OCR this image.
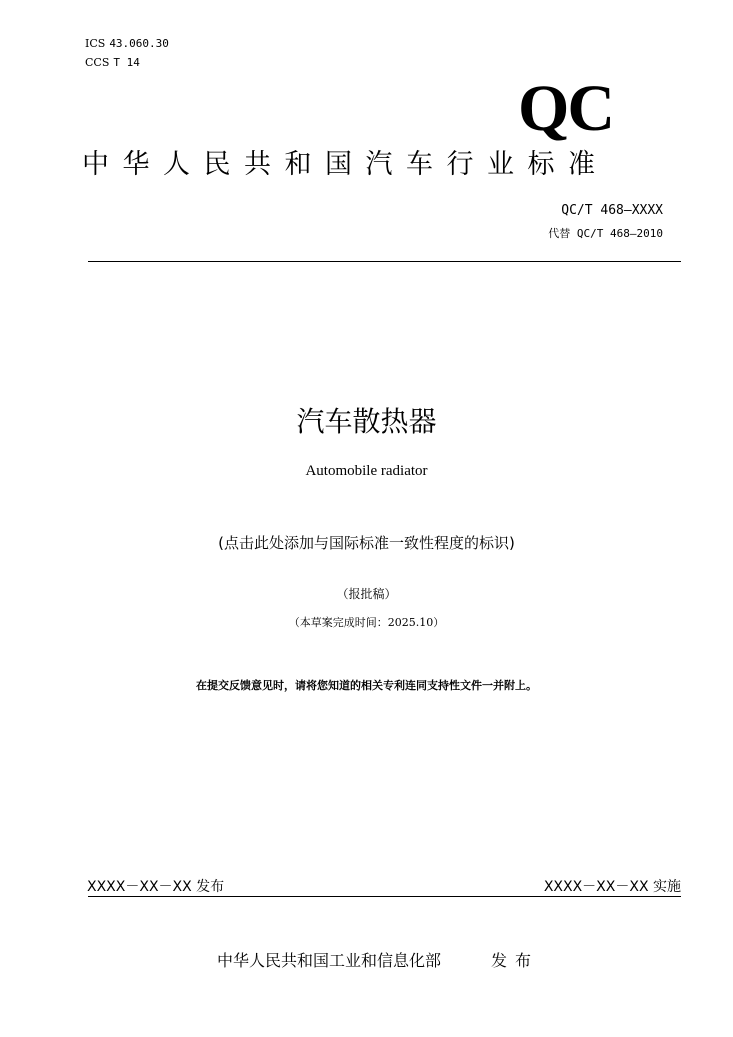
ICS 43.060.30
CCS T 14
QC
中华人民共和国汽车行业标准
QC/T 468—XXXX
代替 QC/T 468—2010
汽车散热器
Automobile radiator
(点击此处添加与国际标准一致性程度的标识)
（报批稿）
（本草案完成时间：2025.10）
在提交反馈意见时，请将您知道的相关专利连同支持性文件一并附上。
XXXX－XX－XX 发布	XXXX－XX－XX 实施
中华人民共和国工业和信息化部	发布
